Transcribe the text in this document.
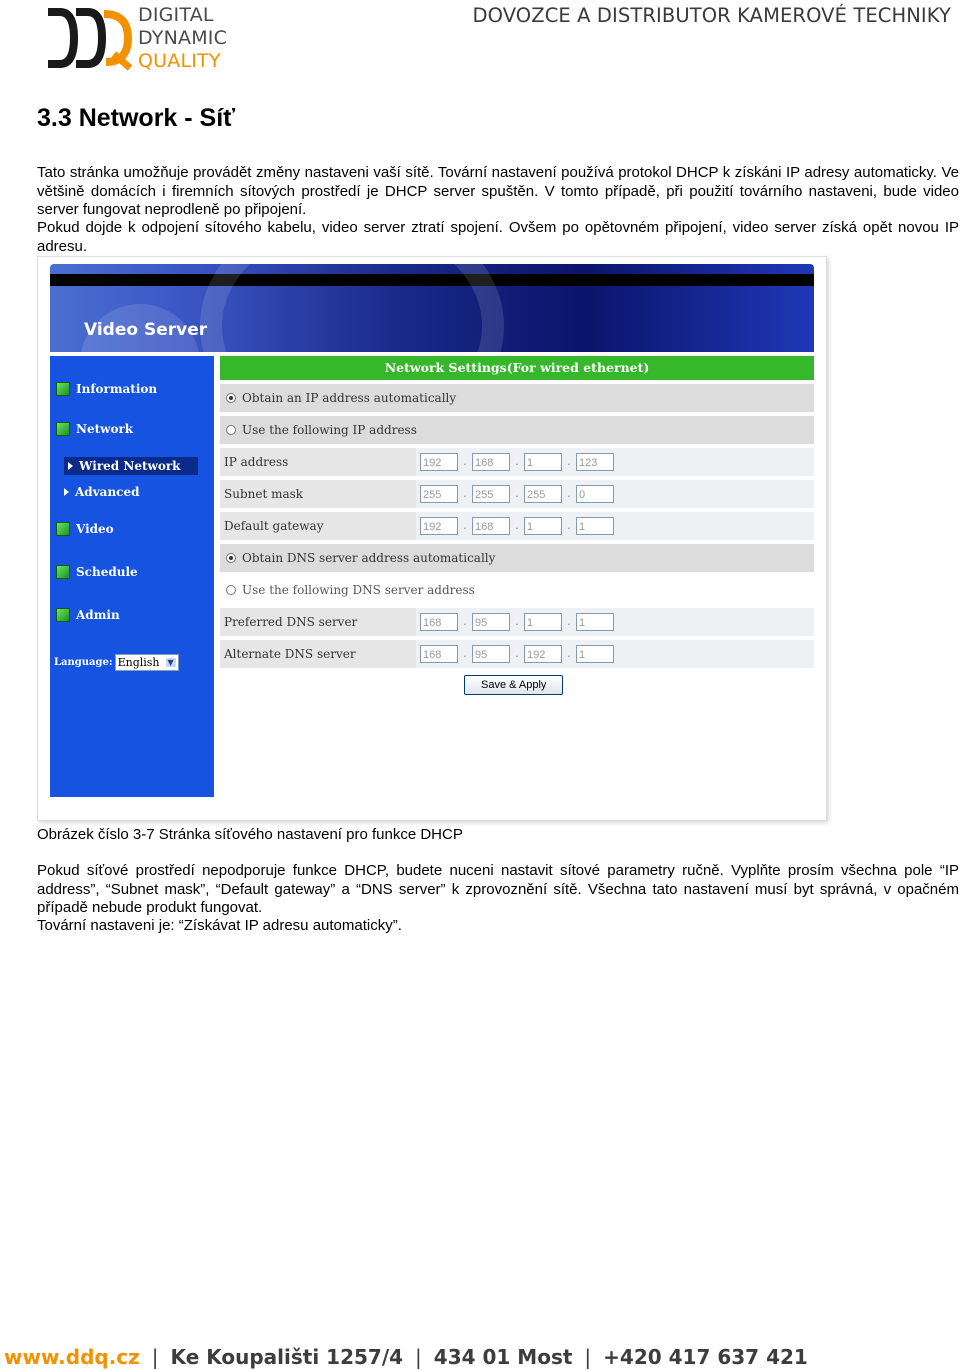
DIGITAL
DYNAMIC
QUALITY
DOVOZCE A DISTRIBUTOR KAMEROVÉ TECHNIKY
3.3 Network - Síť
Tato stránka umožňuje provádět změny nastaveni vaší sítě. Tovární nastavení používá protokol DHCP k získáni IP adresy automaticky. Ve většině domácích i firemních sítových prostředí je DHCP server spuštěn. V tomto případě, při použití továrního nastaveni, bude video server fungovat neprodleně po připojení.
Pokud dojde k odpojení sítového kabelu, video server ztratí spojení. Ovšem po opětovném připojení, video server získá opět novou IP adresu.
Video Server
Information
Network
Wired Network
Advanced
Video
Schedule
Admin
Language: English ▼
Network Settings(For wired ethernet)
Obtain an IP address automatically
Use the following IP address
IP address	192	. 168	. 1	. 123
Subnet mask	255	. 255	. 255	. 0
Default gateway	192	. 168	. 1	. 1
Obtain DNS server address automatically
Use the following DNS server address
Preferred DNS server	168	. 95	. 1	. 1
Alternate DNS server	168	. 95	. 192	. 1
Save & Apply
Obrázek číslo 3-7 Stránka síťového nastavení pro funkce DHCP
Pokud síťové prostředí nepodporuje funkce DHCP, budete nuceni nastavit sítové parametry ručně. Vyplňte prosím všechna pole “IP address”, “Subnet mask”, “Default gateway” a “DNS server” k zprovoznění sítě. Všechna tato nastavení musí byt správná, v opačném případě nebude produkt fungovat.
Tovární nastaveni je: “Získávat IP adresu automaticky”.
www.ddq.cz | Ke Koupališti 1257/4 | 434 01 Most | +420 417 637 421
